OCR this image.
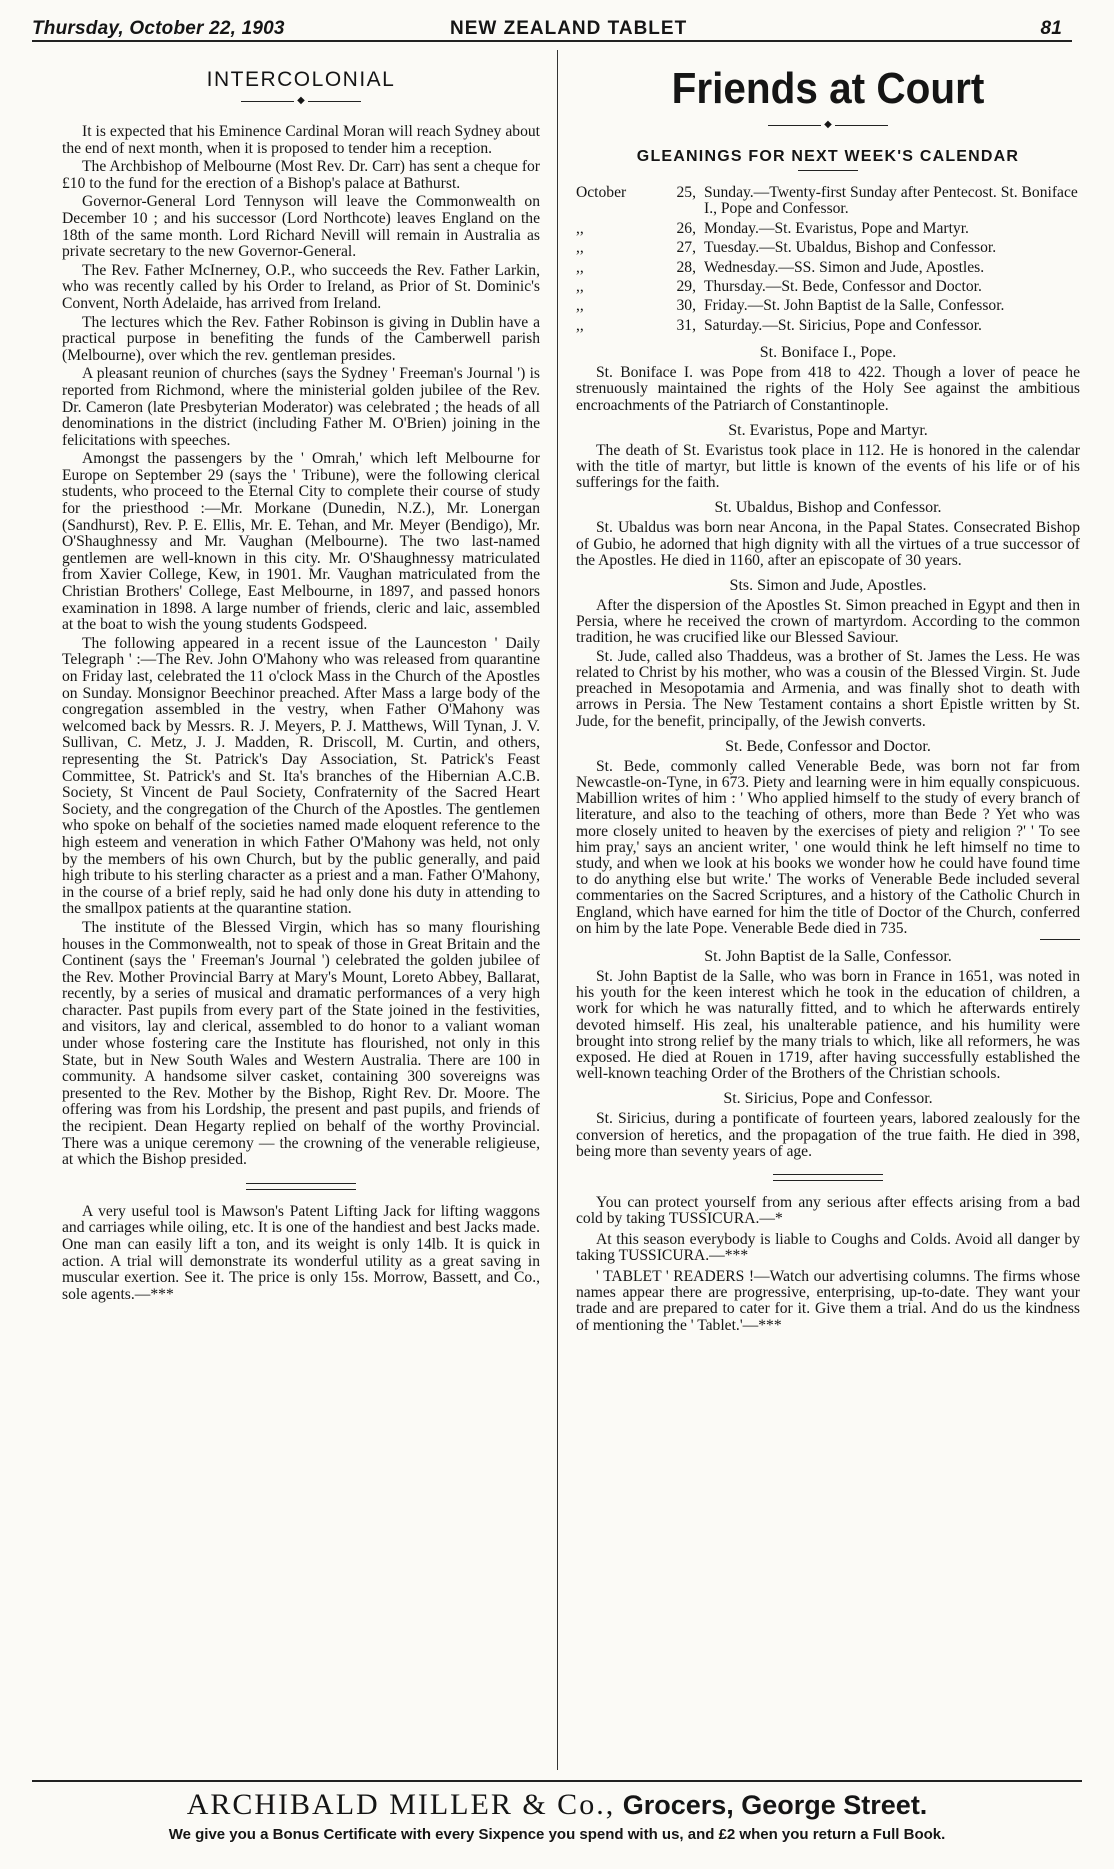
Thursday, October 22, 1903	NEW ZEALAND TABLET	81
INTERCOLONIAL
◆

It is expected that his Eminence Cardinal Moran will reach Sydney about the end of next month, when it is proposed to tender him a reception.

The Archbishop of Melbourne (Most Rev. Dr. Carr) has sent a cheque for £10 to the fund for the erection of a Bishop's palace at Bathurst.

Governor-General Lord Tennyson will leave the Commonwealth on December 10 ; and his successor (Lord Northcote) leaves England on the 18th of the same month. Lord Richard Nevill will remain in Australia as private secretary to the new Governor-General.

The Rev. Father McInerney, O.P., who succeeds the Rev. Father Larkin, who was recently called by his Order to Ireland, as Prior of St. Dominic's Convent, North Adelaide, has arrived from Ireland.

The lectures which the Rev. Father Robinson is giving in Dublin have a practical purpose in benefiting the funds of the Camberwell parish (Melbourne), over which the rev. gentleman presides.

A pleasant reunion of churches (says the Sydney ' Freeman's Journal ') is reported from Richmond, where the ministerial golden jubilee of the Rev. Dr. Cameron (late Presbyterian Moderator) was celebrated ; the heads of all denominations in the district (including Father M. O'Brien) joining in the felicitations with speeches.

Amongst the passengers by the ' Omrah,' which left Melbourne for Europe on September 29 (says the ' Tribune), were the following clerical students, who proceed to the Eternal City to complete their course of study for the priesthood :—Mr. Morkane (Dunedin, N.Z.), Mr. Lonergan (Sandhurst), Rev. P. E. Ellis, Mr. E. Tehan, and Mr. Meyer (Bendigo), Mr. O'Shaughnessy and Mr. Vaughan (Melbourne). The two last-named gentlemen are well-known in this city. Mr. O'Shaughnessy matriculated from Xavier College, Kew, in 1901. Mr. Vaughan matriculated from the Christian Brothers' College, East Melbourne, in 1897, and passed honors examination in 1898. A large number of friends, cleric and laic, assembled at the boat to wish the young students Godspeed.

The following appeared in a recent issue of the Launceston ' Daily Telegraph ' :—The Rev. John O'Mahony who was released from quarantine on Friday last, celebrated the 11 o'clock Mass in the Church of the Apostles on Sunday. Monsignor Beechinor preached. After Mass a large body of the congregation assembled in the vestry, when Father O'Mahony was welcomed back by Messrs. R. J. Meyers, P. J. Matthews, Will Tynan, J. V. Sullivan, C. Metz, J. J. Madden, R. Driscoll, M. Curtin, and others, representing the St. Patrick's Day Association, St. Patrick's Feast Committee, St. Patrick's and St. Ita's branches of the Hibernian A.C.B. Society, St Vincent de Paul Society, Confraternity of the Sacred Heart Society, and the congregation of the Church of the Apostles. The gentlemen who spoke on behalf of the societies named made eloquent reference to the high esteem and veneration in which Father O'Mahony was held, not only by the members of his own Church, but by the public generally, and paid high tribute to his sterling character as a priest and a man. Father O'Mahony, in the course of a brief reply, said he had only done his duty in attending to the smallpox patients at the quarantine station.

The institute of the Blessed Virgin, which has so many flourishing houses in the Commonwealth, not to speak of those in Great Britain and the Continent (says the ' Freeman's Journal ') celebrated the golden jubilee of the Rev. Mother Provincial Barry at Mary's Mount, Loreto Abbey, Ballarat, recently, by a series of musical and dramatic performances of a very high character. Past pupils from every part of the State joined in the festivities, and visitors, lay and clerical, assembled to do honor to a valiant woman under whose fostering care the Institute has flourished, not only in this State, but in New South Wales and Western Australia. There are 100 in community. A handsome silver casket, containing 300 sovereigns was presented to the Rev. Mother by the Bishop, Right Rev. Dr. Moore. The offering was from his Lordship, the present and past pupils, and friends of the recipient. Dean Hegarty replied on behalf of the worthy Provincial. There was a unique ceremony — the crowning of the venerable religieuse, at which the Bishop presided.

A very useful tool is Mawson's Patent Lifting Jack for lifting waggons and carriages while oiling, etc. It is one of the handiest and best Jacks made. One man can easily lift a ton, and its weight is only 14lb. It is quick in action. A trial will demonstrate its wonderful utility as a great saving in muscular exertion. See it. The price is only 15s. Morrow, Bassett, and Co., sole agents.—***

Friends at Court
◆
GLEANINGS FOR NEXT WEEK'S CALENDAR
October	25, Sunday.—Twenty-first Sunday after Pentecost. St. Boniface I., Pope and Confessor.
,,	26, Monday.—St. Evaristus, Pope and Martyr.
,,	27, Tuesday.—St. Ubaldus, Bishop and Confessor.
,,	28, Wednesday.—SS. Simon and Jude, Apostles.
,,	29, Thursday.—St. Bede, Confessor and Doctor.
,,	30, Friday.—St. John Baptist de la Salle, Confessor.
,,	31, Saturday.—St. Siricius, Pope and Confessor.
St. Boniface I., Pope.

St. Boniface I. was Pope from 418 to 422. Though a lover of peace he strenuously maintained the rights of the Holy See against the ambitious encroachments of the Patriarch of Constantinople.

St. Evaristus, Pope and Martyr.

The death of St. Evaristus took place in 112. He is honored in the calendar with the title of martyr, but little is known of the events of his life or of his sufferings for the faith.

St. Ubaldus, Bishop and Confessor.

St. Ubaldus was born near Ancona, in the Papal States. Consecrated Bishop of Gubio, he adorned that high dignity with all the virtues of a true successor of the Apostles. He died in 1160, after an episcopate of 30 years.

Sts. Simon and Jude, Apostles.

After the dispersion of the Apostles St. Simon preached in Egypt and then in Persia, where he received the crown of martyrdom. According to the common tradition, he was crucified like our Blessed Saviour.

St. Jude, called also Thaddeus, was a brother of St. James the Less. He was related to Christ by his mother, who was a cousin of the Blessed Virgin. St. Jude preached in Mesopotamia and Armenia, and was finally shot to death with arrows in Persia. The New Testament contains a short Epistle written by St. Jude, for the benefit, principally, of the Jewish converts.

St. Bede, Confessor and Doctor.

St. Bede, commonly called Venerable Bede, was born not far from Newcastle-on-Tyne, in 673. Piety and learning were in him equally conspicuous. Mabillion writes of him : ' Who applied himself to the study of every branch of literature, and also to the teaching of others, more than Bede ? Yet who was more closely united to heaven by the exercises of piety and religion ?' ' To see him pray,' says an ancient writer, ' one would think he left himself no time to study, and when we look at his books we wonder how he could have found time to do anything else but write.' The works of Venerable Bede included several commentaries on the Sacred Scriptures, and a history of the Catholic Church in England, which have earned for him the title of Doctor of the Church, conferred on him by the late Pope. Venerable Bede died in 735.

St. John Baptist de la Salle, Confessor.

St. John Baptist de la Salle, who was born in France in 1651, was noted in his youth for the keen interest which he took in the education of children, a work for which he was naturally fitted, and to which he afterwards entirely devoted himself. His zeal, his unalterable patience, and his humility were brought into strong relief by the many trials to which, like all reformers, he was exposed. He died at Rouen in 1719, after having successfully established the well-known teaching Order of the Brothers of the Christian schools.

St. Siricius, Pope and Confessor.

St. Siricius, during a pontificate of fourteen years, labored zealously for the conversion of heretics, and the propagation of the true faith. He died in 398, being more than seventy years of age.

You can protect yourself from any serious after effects arising from a bad cold by taking TUSSICURA.—*

At this season everybody is liable to Coughs and Colds. Avoid all danger by taking TUSSICURA.—***

' TABLET ' READERS !—Watch our advertising columns. The firms whose names appear there are progressive, enterprising, up-to-date. They want your trade and are prepared to cater for it. Give them a trial. And do us the kindness of mentioning the ' Tablet.'—***

ARCHIBALD MILLER & Co., Grocers, George Street.
We give you a Bonus Certificate with every Sixpence you spend with us, and £2 when you return a Full Book.
